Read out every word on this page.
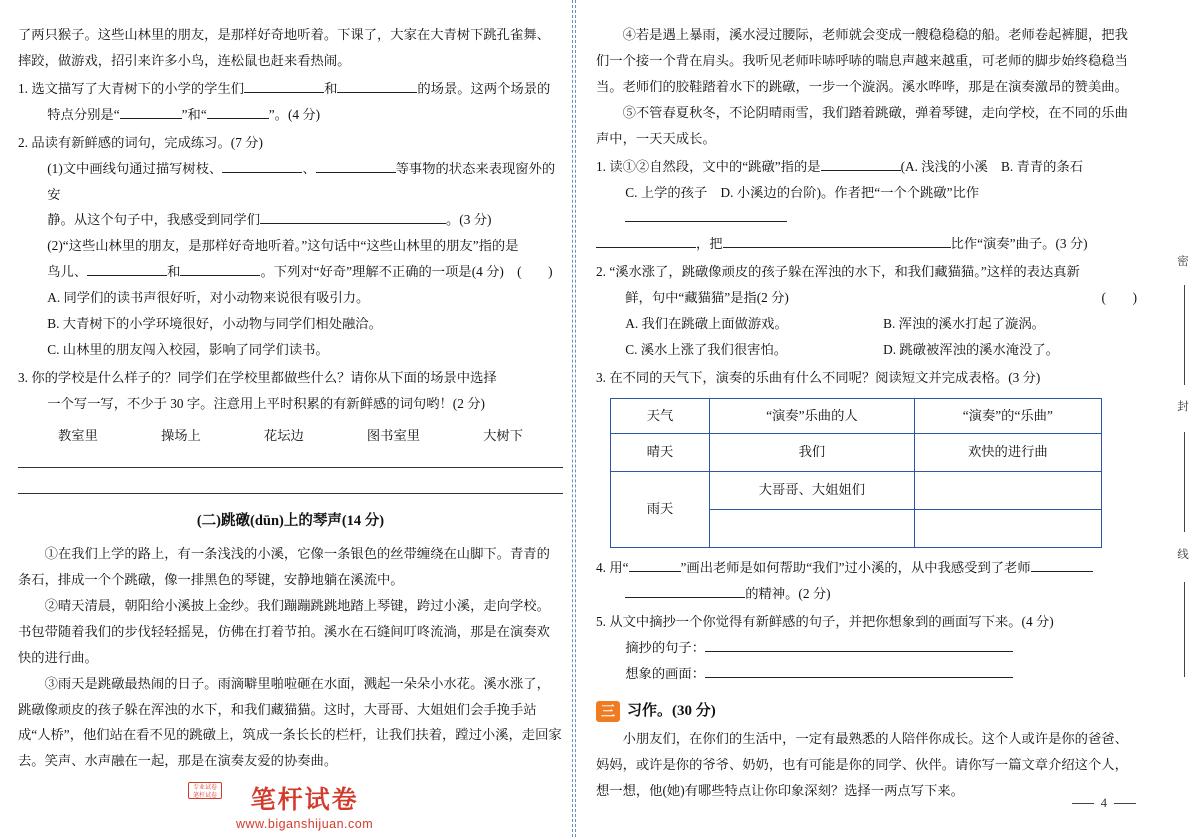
了两只猴子。这些山林里的朋友，是那样好奇地听着。下课了，大家在大青树下跳孔雀舞、摔跤，做游戏，招引来许多小鸟，连松鼠也赶来看热闹。

1. 选文描写了大青树下的小学的学生们	和	的场景。这两个场景的

特点分别是“	”和“	”。(4 分)

2. 品读有新鲜感的词句，完成练习。(7 分)

(1)文中画线句通过描写树枝、	、	等事物的状态来表现窗外的安

静。从这个句子中，我感受到同学们	。(3 分)

(2)“这些山林里的朋友，是那样好奇地听着。”这句话中“这些山林里的朋友”指的是

鸟儿、	和	。下列对“好奇”理解不正确的一项是(4 分)　(　　)

A. 同学们的读书声很好听，对小动物来说很有吸引力。

B. 大青树下的小学环境很好，小动物与同学们相处融洽。

C. 山林里的朋友闯入校园，影响了同学们读书。

3. 你的学校是什么样子的？同学们在学校里都做些什么？请你从下面的场景中选择

一个写一写，不少于 30 字。注意用上平时积累的有新鲜感的词句哟！(2 分)

教室里	操场上	花坛边	图书室里	大树下

(二)跳礅(dūn)上的琴声(14 分)

①在我们上学的路上，有一条浅浅的小溪，它像一条银色的丝带缠绕在山脚下。青青的条石，排成一个个跳礅，像一排黑色的琴键，安静地躺在溪流中。

②晴天清晨，朝阳给小溪披上金纱。我们蹦蹦跳跳地踏上琴键，跨过小溪，走向学校。书包带随着我们的步伐轻轻摇晃，仿佛在打着节拍。溪水在石缝间叮咚流淌，那是在演奏欢快的进行曲。

③雨天是跳礅最热闹的日子。雨滴噼里啪啦砸在水面，溅起一朵朵小水花。溪水涨了，跳礅像顽皮的孩子躲在浑浊的水下，和我们藏猫猫。这时，大哥哥、大姐姐们会手挽手站成“人桥”，他们站在看不见的跳礅上，筑成一条长长的栏杆，让我们扶着，蹚过小溪，走回家去。笑声、水声融在一起，那是在演奏友爱的协奏曲。

④若是遇上暴雨，溪水浸过腰际，老师就会变成一艘稳稳稳的船。老师卷起裤腿，把我们一个接一个背在肩头。我听见老师咔哧呼哧的喘息声越来越重，可老师的脚步始终稳稳当当。老师们的胶鞋踏着水下的跳礅，一步一个漩涡。溪水哗哗，那是在演奏激昂的赞美曲。

⑤不管春夏秋冬，不论阴晴雨雪，我们踏着跳礅，弹着琴键，走向学校，在不同的乐曲声中，一天天成长。

1. 读①②自然段，文中的“跳礅”指的是	(A. 浅浅的小溪　B. 青青的条石

C. 上学的孩子　D. 小溪边的台阶)。作者把“一个个跳礅”比作

，把	比作“演奏”曲子。(3 分)

2. “溪水涨了，跳礅像顽皮的孩子躲在浑浊的水下，和我们藏猫猫。”这样的表达真新

鲜，句中“藏猫猫”是指(2 分)	(　　)

A. 我们在跳礅上面做游戏。	B. 浑浊的溪水打起了漩涡。
C. 溪水上涨了我们很害怕。	D. 跳礅被浑浊的溪水淹没了。

3. 在不同的天气下，演奏的乐曲有什么不同呢？阅读短文并完成表格。(3 分)

天气	“演奏”乐曲的人	“演奏”的“乐曲”
晴天	我们	欢快的进行曲
雨天	大哥哥、大姐姐们	

4. 用“	”画出老师是如何帮助“我们”过小溪的，从中我感受到了老师

的精神。(2 分)

5. 从文中摘抄一个你觉得有新鲜感的句子，并把你想象到的画面写下来。(4 分)

摘抄的句子：

想象的画面：

三 习作。(30 分)

小朋友们，在你们的生活中，一定有最熟悉的人陪伴你成长。这个人或许是你的爸爸、妈妈，或许是你的爷爷、奶奶，也有可能是你的同学、伙伴。请你写一篇文章介绍这个人，想一想，他(她)有哪些特点让你印象深刻？选择一两点写下来。

密
封
线
4
专业试卷
笔杆试卷	笔杆试卷
www.biganshijuan.com
